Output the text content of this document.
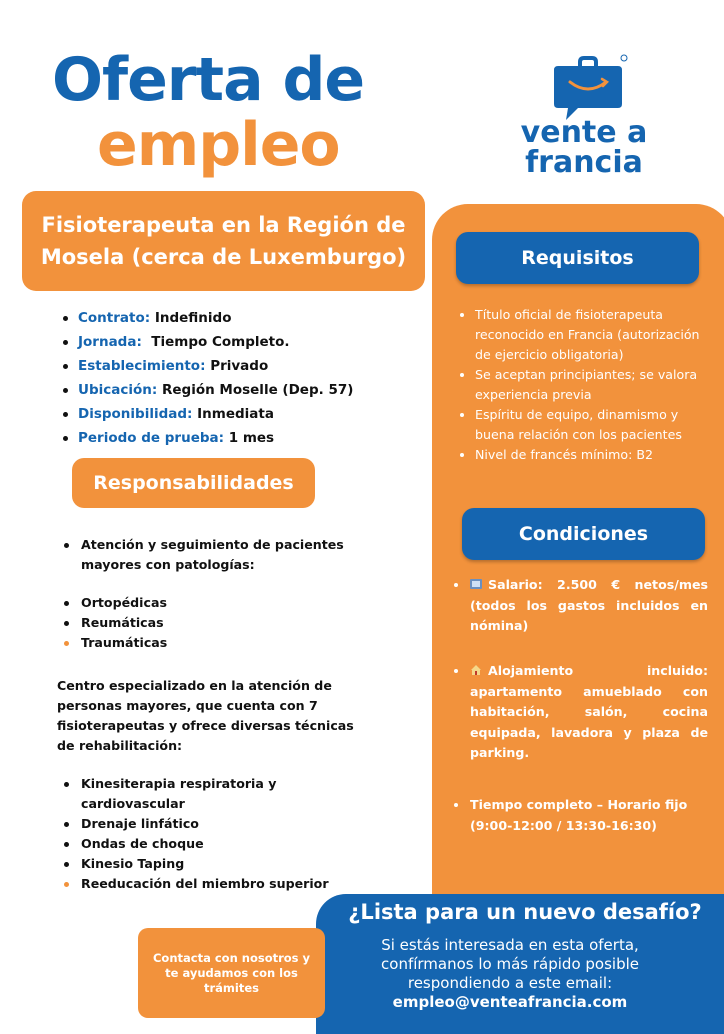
Oferta de
empleo	vente a
francia
Fisioterapeuta en la Región de Mosela (cerca de Luxemburgo)
Contrato: Indefinido
Jornada: Tiempo Completo.
Establecimiento: Privado
Ubicación: Región Moselle (Dep. 57)
Disponibilidad: Inmediata
Periodo de prueba: 1 mes
Responsabilidades
Atención y seguimiento de pacientes mayores con patologías:
Ortopédicas
Reumáticas
Traumáticas
Centro especializado en la atención de personas mayores, que cuenta con 7 fisioterapeutas y ofrece diversas técnicas de rehabilitación:
Kinesiterapia respiratoria y cardiovascular
Drenaje linfático
Ondas de choque
Kinesio Taping
Reeducación del miembro superior
Requisitos
Título oficial de fisioterapeuta reconocido en Francia (autorización de ejercicio obligatoria)
Se aceptan principiantes; se valora experiencia previa
Espíritu de equipo, dinamismo y buena relación con los pacientes
Nivel de francés mínimo: B2
Condiciones
Salario: 2.500 € netos/mes (todos los gastos incluidos en nómina)
Alojamiento incluido: apartamento amueblado con habitación, salón, cocina equipada, lavadora y plaza de parking.
Tiempo completo – Horario fijo (9:00-12:00 / 13:30-16:30)
¿Lista para un nuevo desafío?
Si estás interesada en esta oferta, confírmanos lo más rápido posible respondiendo a este email:
empleo@venteafrancia.com
Contacta con nosotros y te ayudamos con los trámites
